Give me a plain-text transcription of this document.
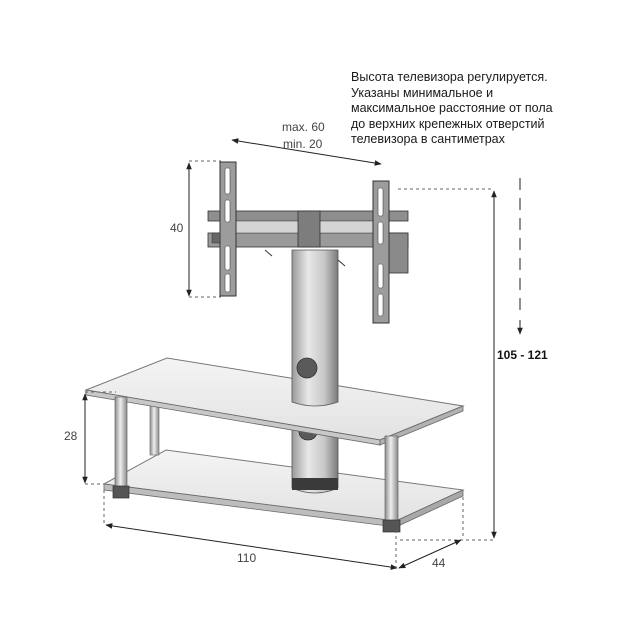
Высота телевизора регулируется.
Указаны минимальное и
максимальное расстояние от пола
до верхних крепежных отверстий
телевизора в сантиметрах
max. 60
min. 20
40
28
105 - 121
110	44
